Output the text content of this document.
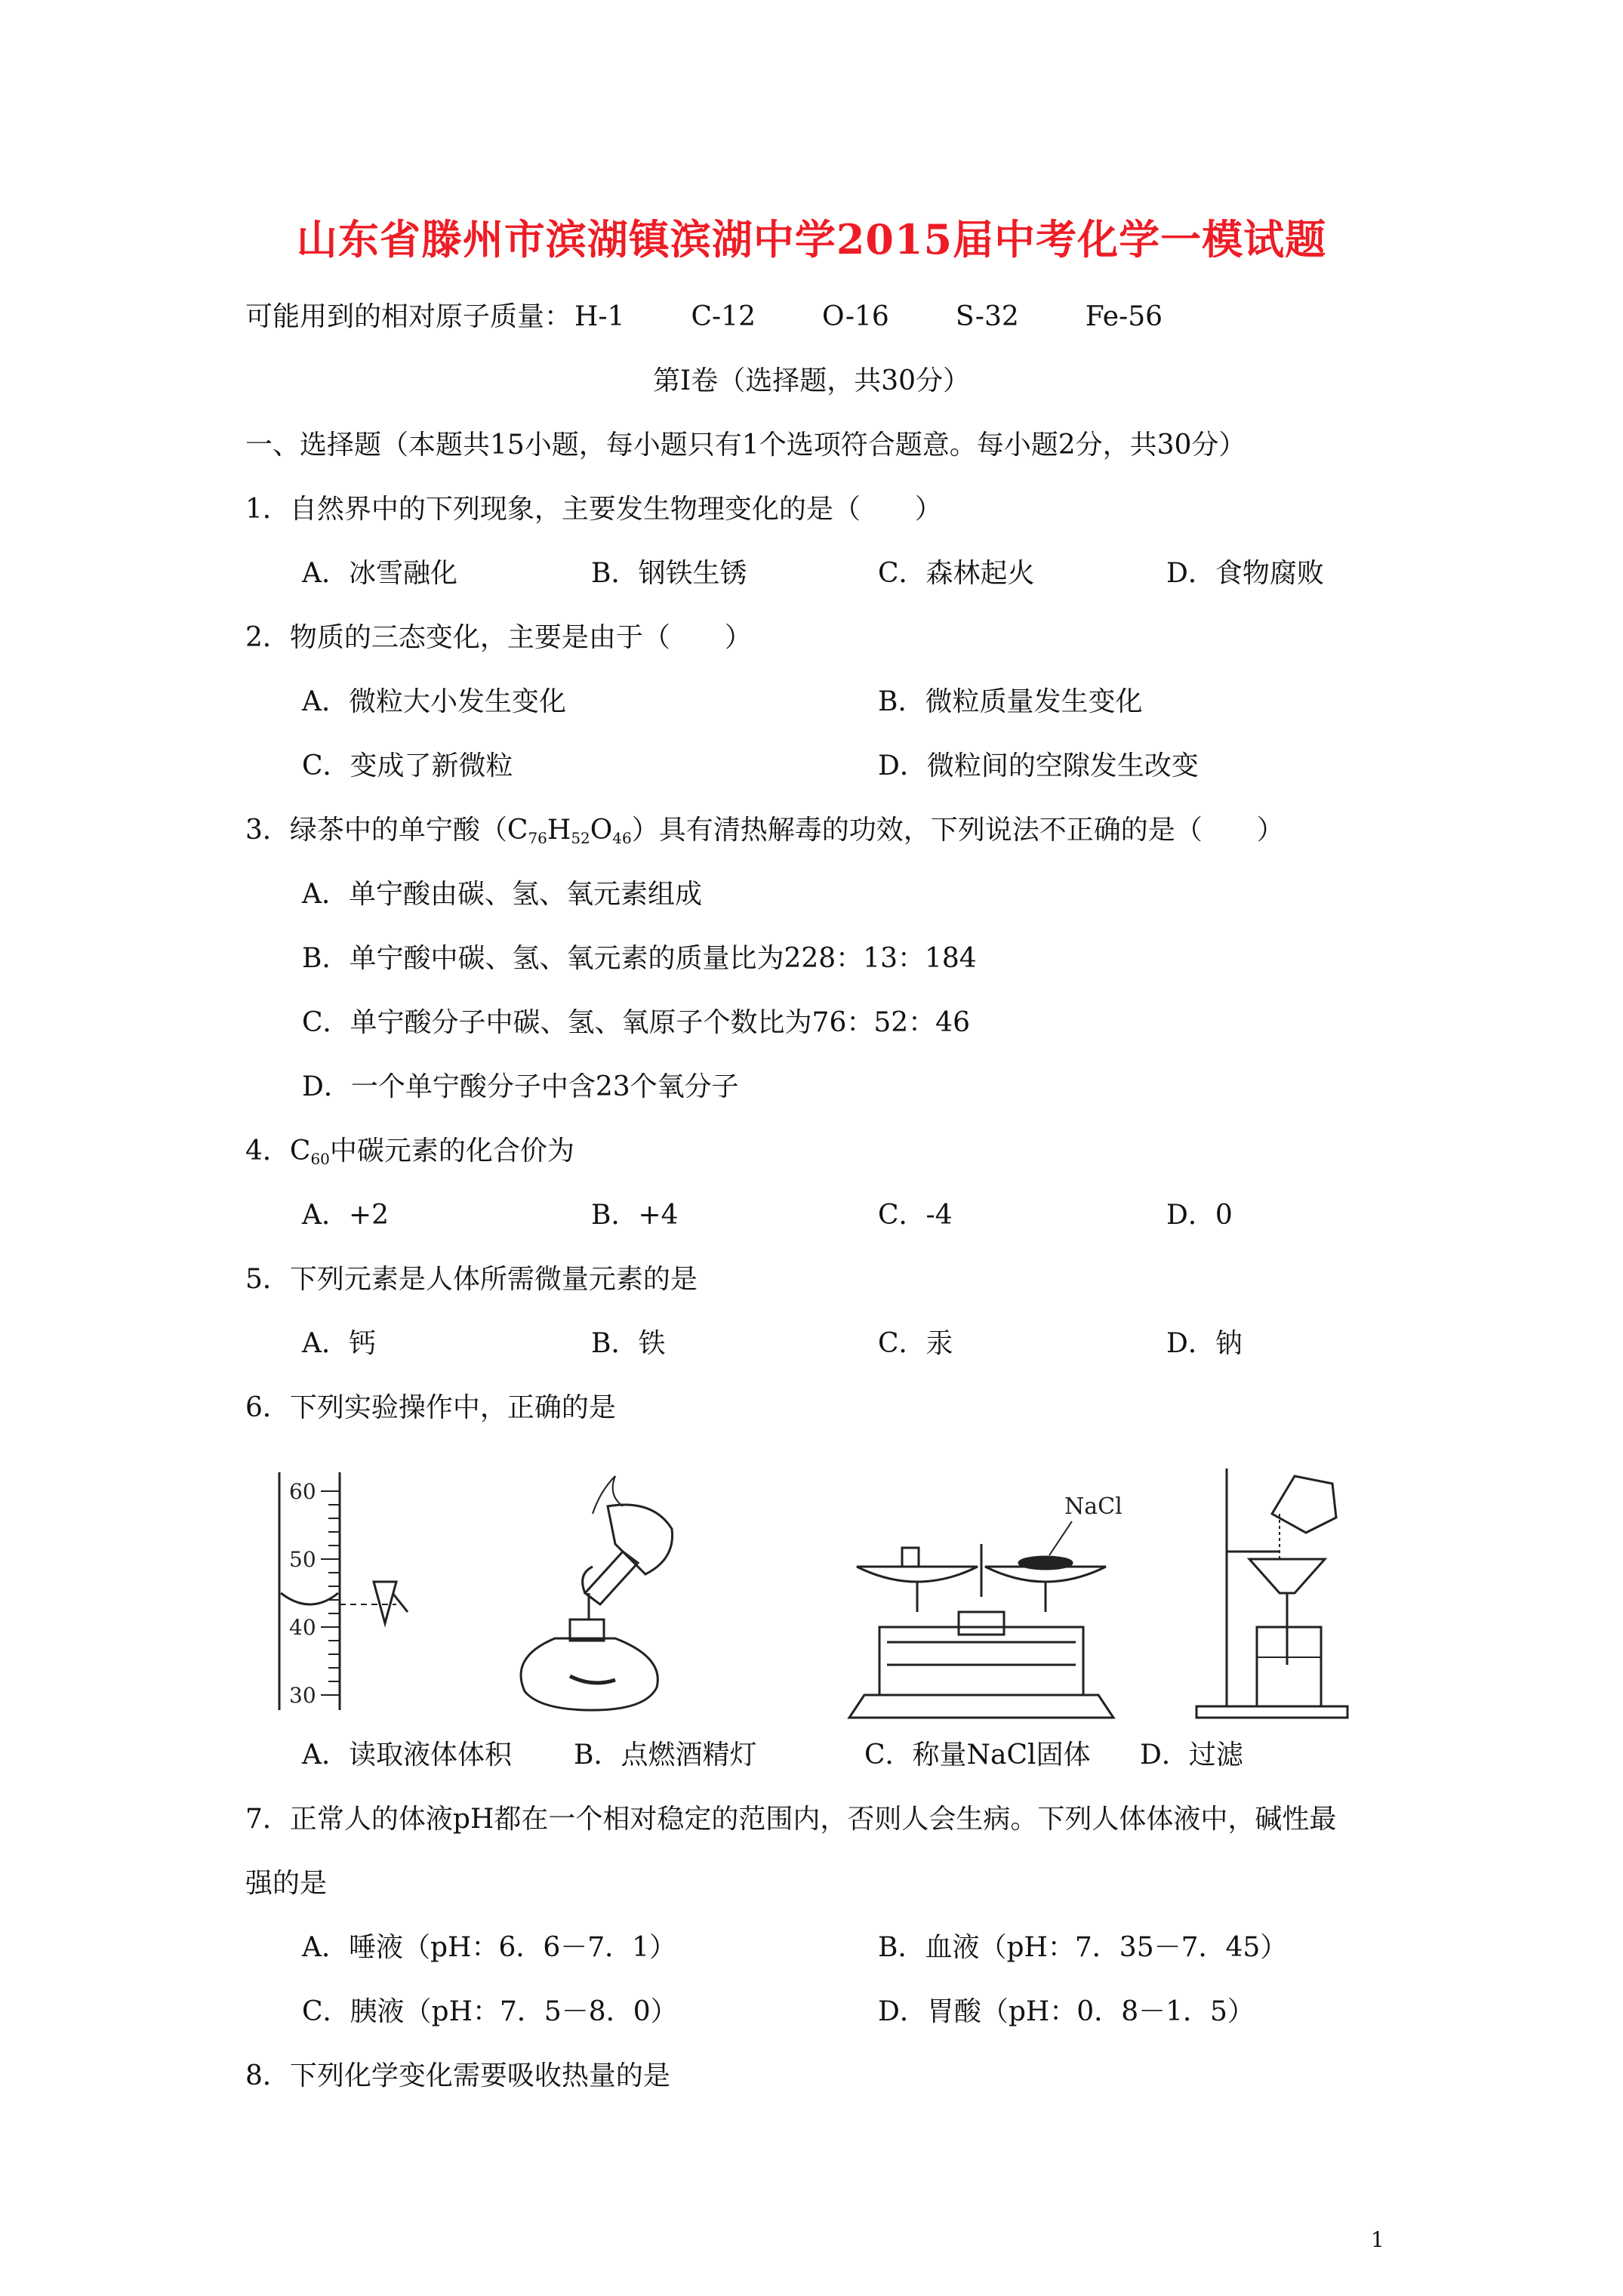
山东省滕州市滨湖镇滨湖中学2015届中考化学一模试题
可能用到的相对原子质量： H-1 C-12 O-16 S-32 Fe-56
第Ⅰ卷（选择题，共30分）
一、选择题（本题共15小题，每小题只有1个选项符合题意。每小题2分，共30分）
1．自然界中的下列现象，主要发生物理变化的是（　　）
A．冰雪融化	B．钢铁生锈	C．森林起火	D．食物腐败
2．物质的三态变化，主要是由于（　　）
A．微粒大小发生变化	B．微粒质量发生变化
C．变成了新微粒	D．微粒间的空隙发生改变
3．绿茶中的单宁酸$(C_{76}H_{52}O_{46})$具有清热解毒的功效，下列说法不正确的是（　　）
A．单宁酸由碳、氢、氧元素组成
B．单宁酸中碳、氢、氧元素的质量比为228：13：184
C．单宁酸分子中碳、氢、氧原子个数比为76：52：46
D．一个单宁酸分子中含23个氧分子
4．$C_{60}$中碳元素的化合价为
A．+2	B．+4	C．-4	D．0
5．下列元素是人体所需微量元素的是
A．钙	B．铁	C．汞	D．钠
6．下列实验操作中，正确的是
60
50
40
30
NaCl
A．读取液体体积 B．点燃酒精灯	C．称量NaCl固体 D．过滤
7．正常人的体液pH都在一个相对稳定的范围内，否则人会生病。下列人体体液中，碱性最
强的是
A．唾液（pH：6．6－7．1）	B．血液（pH：7．35－7．45）
C．胰液（pH：7．5－8．0）	D．胃酸（pH：0．8－1．5）
8．下列化学变化需要吸收热量的是
1
